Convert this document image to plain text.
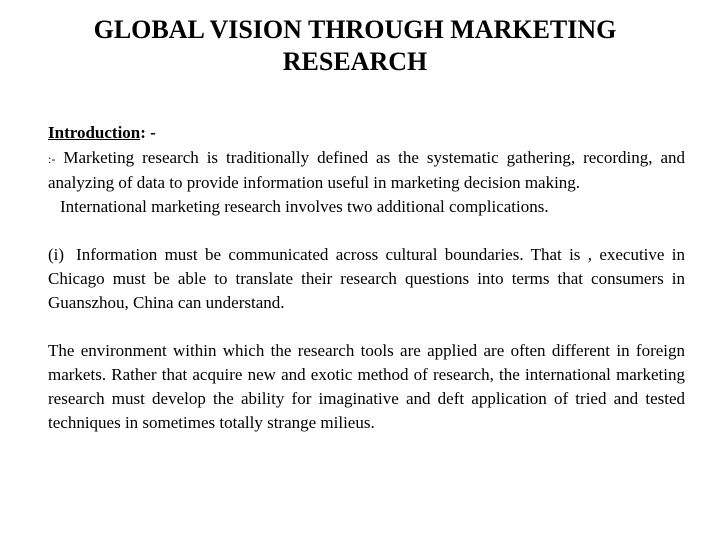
GLOBAL VISION THROUGH MARKETING
RESEARCH

Introduction: -

:- Marketing research is traditionally defined as the systematic gathering, recording, and analyzing of data to provide information useful in marketing decision making.

International marketing research involves two additional complications.

(i) Information must be communicated across cultural boundaries. That is , executive in Chicago must be able to translate their research questions into terms that consumers in Guanszhou, China can understand.

The environment within which the research tools are applied are often different in foreign markets. Rather that acquire new and exotic method of research, the international marketing research must develop the ability for imaginative and deft application of tried and tested techniques in sometimes totally strange milieus.
